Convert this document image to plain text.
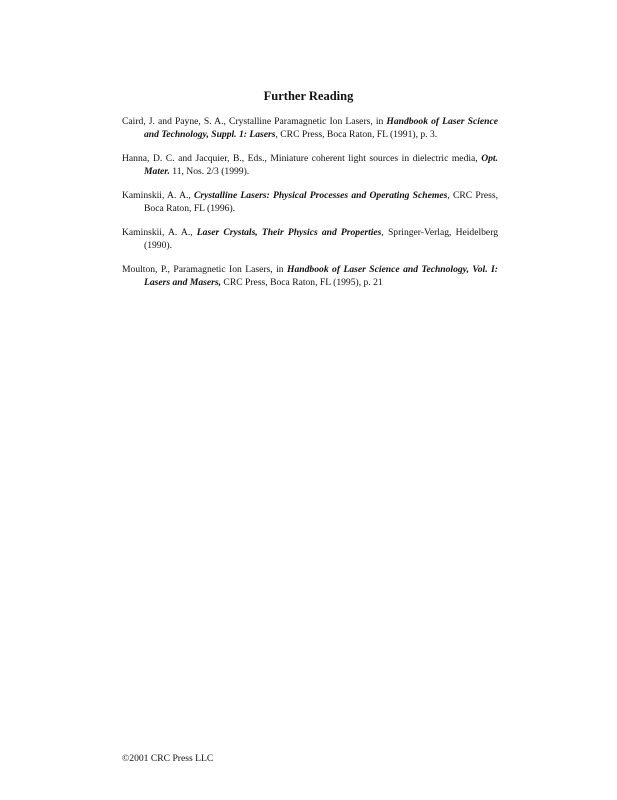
Further Reading

Caird, J. and Payne, S. A., Crystalline Paramagnetic Ion Lasers, in Handbook of Laser Science and Technology, Suppl. 1: Lasers, CRC Press, Boca Raton, FL (1991), p. 3.

Hanna, D. C. and Jacquier, B., Eds., Miniature coherent light sources in dielectric media, Opt. Mater. 11, Nos. 2/3 (1999).

Kaminskii, A. A., Crystalline Lasers: Physical Processes and Operating Schemes, CRC Press, Boca Raton, FL (1996).

Kaminskii, A. A., Laser Crystals, Their Physics and Properties, Springer-Verlag, Heidelberg (1990).

Moulton, P., Paramagnetic Ion Lasers, in Handbook of Laser Science and Technology, Vol. I: Lasers and Masers, CRC Press, Boca Raton, FL (1995), p. 21

©2001 CRC Press LLC
